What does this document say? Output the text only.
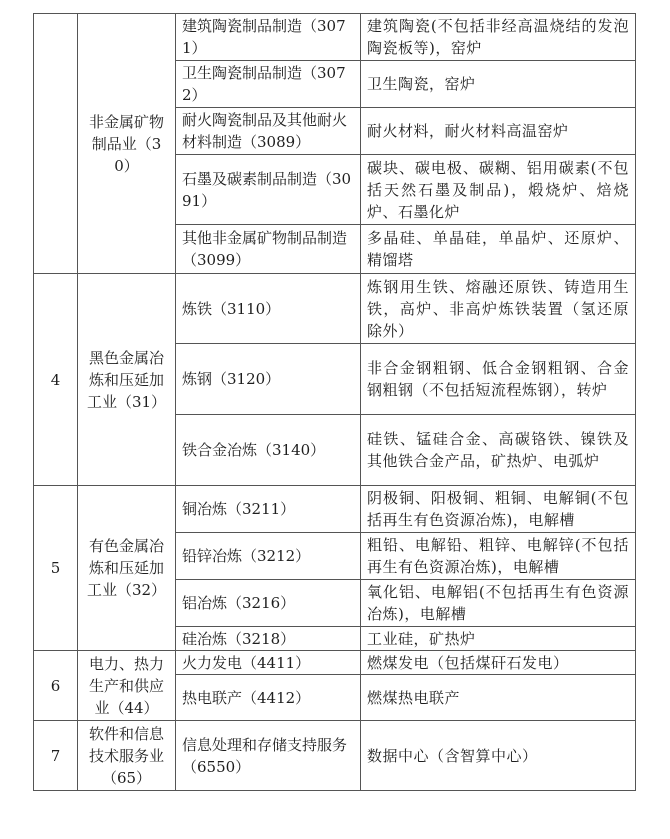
	非金属矿物制品业（30）	建筑陶瓷制品制造（3071）	建筑陶瓷(不包括非经高温烧结的发泡陶瓷板等)，窑炉
		卫生陶瓷制品制造（3072）	卫生陶瓷，窑炉
		耐火陶瓷制品及其他耐火材料制造（3089）	耐火材料，耐火材料高温窑炉
		石墨及碳素制品制造（3091）	碳块、碳电极、碳糊、铝用碳素(不包括天然石墨及制品)，煅烧炉、焙烧炉、石墨化炉
		其他非金属矿物制品制造（3099）	多晶硅、单晶硅，单晶炉、还原炉、精馏塔
4	黑色金属冶炼和压延加工业（31）	炼铁（3110）	炼钢用生铁、熔融还原铁、铸造用生铁，高炉、非高炉炼铁装置（氢还原除外）
		炼钢（3120）	非合金钢粗钢、低合金钢粗钢、合金钢粗钢（不包括短流程炼钢），转炉
		铁合金冶炼（3140）	硅铁、锰硅合金、高碳铬铁、镍铁及其他铁合金产品，矿热炉、电弧炉
5	有色金属冶炼和压延加工业（32）	铜冶炼（3211）	阴极铜、阳极铜、粗铜、电解铜(不包括再生有色资源冶炼)，电解槽
		铅锌冶炼（3212）	粗铅、电解铅、粗锌、电解锌(不包括再生有色资源冶炼)，电解槽
		铝冶炼（3216）	氧化铝、电解铝(不包括再生有色资源冶炼)，电解槽
		硅冶炼（3218）	工业硅，矿热炉
6	电力、热力生产和供应业（44）	火力发电（4411）	燃煤发电（包括煤矸石发电）
		热电联产（4412）	燃煤热电联产
7	软件和信息技术服务业（65）	信息处理和存储支持服务（6550）	数据中心（含智算中心）
